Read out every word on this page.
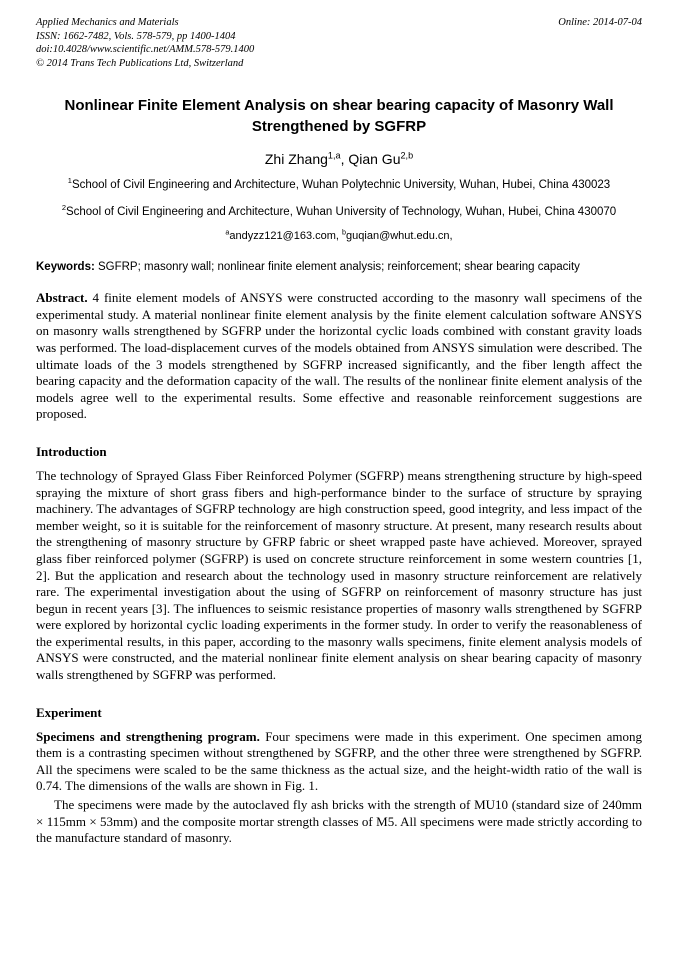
Applied Mechanics and Materials
ISSN: 1662-7482, Vols. 578-579, pp 1400-1404
doi:10.4028/www.scientific.net/AMM.578-579.1400
© 2014 Trans Tech Publications Ltd, Switzerland
Online: 2014-07-04
Nonlinear Finite Element Analysis on shear bearing capacity of Masonry Wall Strengthened by SGFRP
Zhi Zhang$^{1,a}$, Qian Gu$^{2,b}$
$^1$School of Civil Engineering and Architecture, Wuhan Polytechnic University, Wuhan, Hubei, China 430023
$^2$School of Civil Engineering and Architecture, Wuhan University of Technology, Wuhan, Hubei, China 430070
$^a$andyzz121@163.com, $^b$guqian@whut.edu.cn,
Keywords: SGFRP; masonry wall; nonlinear finite element analysis; reinforcement; shear bearing capacity

Abstract. 4 finite element models of ANSYS were constructed according to the masonry wall specimens of the experimental study. A material nonlinear finite element analysis by the finite element calculation software ANSYS on masonry walls strengthened by SGFRP under the horizontal cyclic loads combined with constant gravity loads was performed. The load-displacement curves of the models obtained from ANSYS simulation were described. The ultimate loads of the 3 models strengthened by SGFRP increased significantly, and the fiber length affect the bearing capacity and the deformation capacity of the wall. The results of the nonlinear finite element analysis of the models agree well to the experimental results. Some effective and reasonable reinforcement suggestions are proposed.

Introduction

The technology of Sprayed Glass Fiber Reinforced Polymer (SGFRP) means strengthening structure by high-speed spraying the mixture of short grass fibers and high-performance binder to the surface of structure by spraying machinery. The advantages of SGFRP technology are high construction speed, good integrity, and less impact of the member weight, so it is suitable for the reinforcement of masonry structure. At present, many research results about the strengthening of masonry structure by GFRP fabric or sheet wrapped paste have achieved. Moreover, sprayed glass fiber reinforced polymer (SGFRP) is used on concrete structure reinforcement in some western countries [1, 2]. But the application and research about the technology used in masonry structure reinforcement are relatively rare. The experimental investigation about the using of SGFRP on reinforcement of masonry structure has just begun in recent years [3]. The influences to seismic resistance properties of masonry walls strengthened by SGFRP were explored by horizontal cyclic loading experiments in the former study. In order to verify the reasonableness of the experimental results, in this paper, according to the masonry walls specimens, finite element analysis models of ANSYS were constructed, and the material nonlinear finite element analysis on shear bearing capacity of masonry walls strengthened by SGFRP was performed.

Experiment

Specimens and strengthening program. Four specimens were made in this experiment. One specimen among them is a contrasting specimen without strengthened by SGFRP, and the other three were strengthened by SGFRP. All the specimens were scaled to be the same thickness as the actual size, and the height-width ratio of the wall is 0.74. The dimensions of the walls are shown in Fig. 1.

The specimens were made by the autoclaved fly ash bricks with the strength of MU10 (standard size of 240mm × 115mm × 53mm) and the composite mortar strength classes of M5. All specimens were made strictly according to the manufacture standard of masonry.
